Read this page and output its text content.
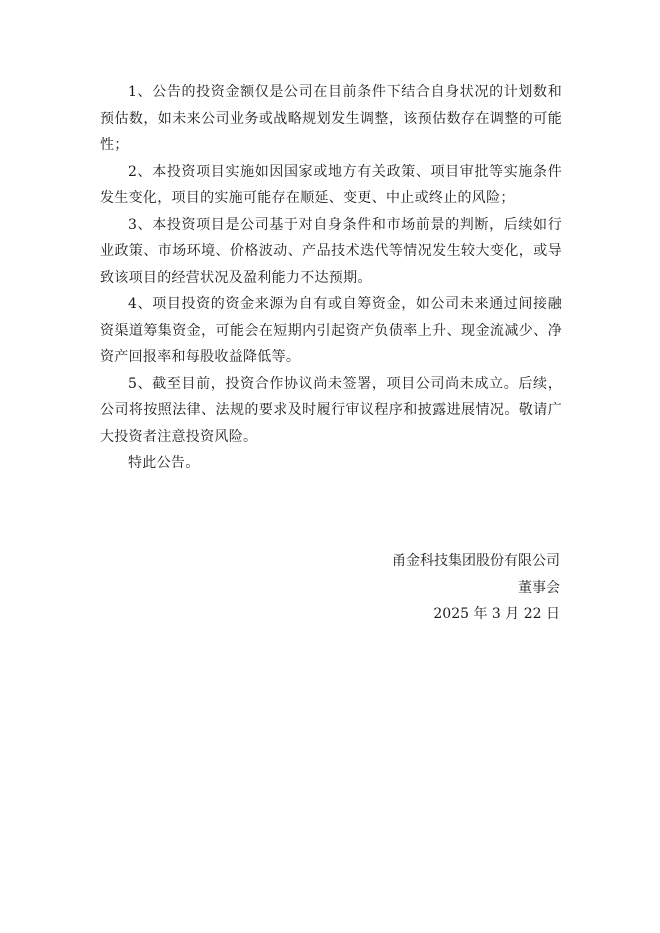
1、公告的投资金额仅是公司在目前条件下结合自身状况的计划数和预估数，如未来公司业务或战略规划发生调整，该预估数存在调整的可能性；

2、本投资项目实施如因国家或地方有关政策、项目审批等实施条件发生变化，项目的实施可能存在顺延、变更、中止或终止的风险；

3、本投资项目是公司基于对自身条件和市场前景的判断，后续如行业政策、市场环境、价格波动、产品技术迭代等情况发生较大变化，或导致该项目的经营状况及盈利能力不达预期。

4、项目投资的资金来源为自有或自筹资金，如公司未来通过间接融资渠道筹集资金，可能会在短期内引起资产负债率上升、现金流减少、净资产回报率和每股收益降低等。

5、截至目前，投资合作协议尚未签署，项目公司尚未成立。后续，公司将按照法律、法规的要求及时履行审议程序和披露进展情况。敬请广大投资者注意投资风险。

特此公告。

甬金科技集团股份有限公司
董事会
2025 年 3 月 22 日
